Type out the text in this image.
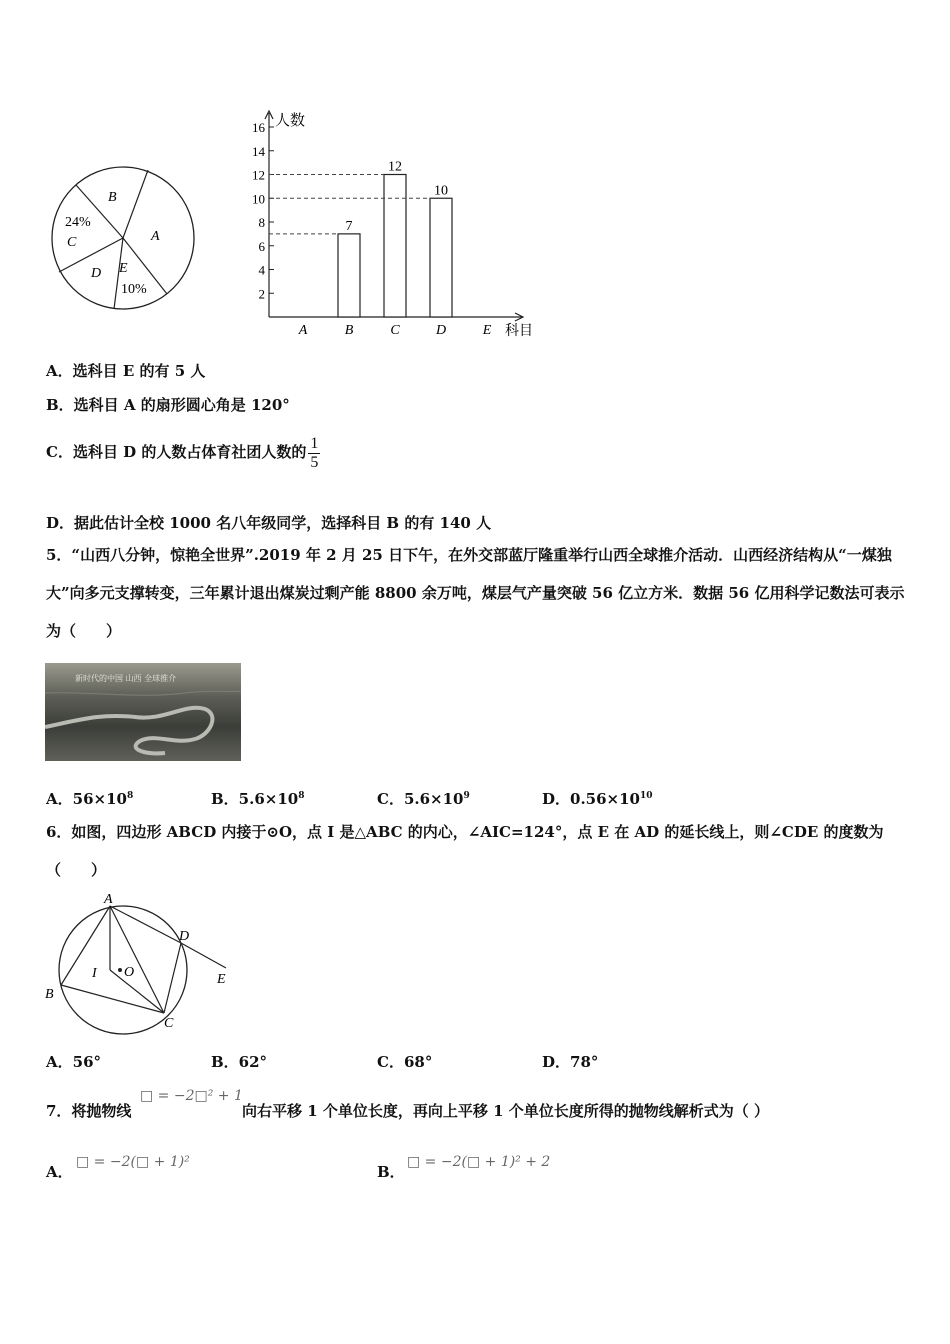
B
A
24%
C
D E
10%
人数
科目
2
4
6
8
10
12
14
16
A	B
7
C
12
D
10
E
A．选科目 E 的有 5 人
B．选科目 A 的扇形圆心角是 120°
C．选科目 D 的人数占体育社团人数的 $\frac{1}{5}$
D．据此估计全校 1000 名八年级同学，选择科目 B 的有 140 人
5．“山西八分钟，惊艳全世界”.2019 年 2 月 25 日下午，在外交部蓝厅隆重举行山西全球推介活动．山西经济结构从“一煤独大”向多元支撑转变，三年累计退出煤炭过剩产能 8800 余万吨，煤层气产量突破 56 亿立方米．数据 56 亿用科学记数法可表示为（　　）
新时代的中国 山西 全球推介
A．$56\times 10^8$	B．$5.6\times 10^8$	C．$5.6\times 10^9$	D．$0.56\times 10^{10}$
6．如图，四边形 ABCD 内接于⊙O，点 I 是△ABC 的内心，∠AIC=124°，点 E 在 AD 的延长线上，则∠CDE 的度数为（　　）
A
B
C
D
E
I O
A．56°	B．62°	C．68°	D．78°
7．将抛物线
□ = −2□² + 1
向右平移 1 个单位长度，再向上平移 1 个单位长度所得的抛物线解析式为（ ）
A．
□ = −2(□ + 1)²
B．
□ = −2(□ + 1)² + 2
